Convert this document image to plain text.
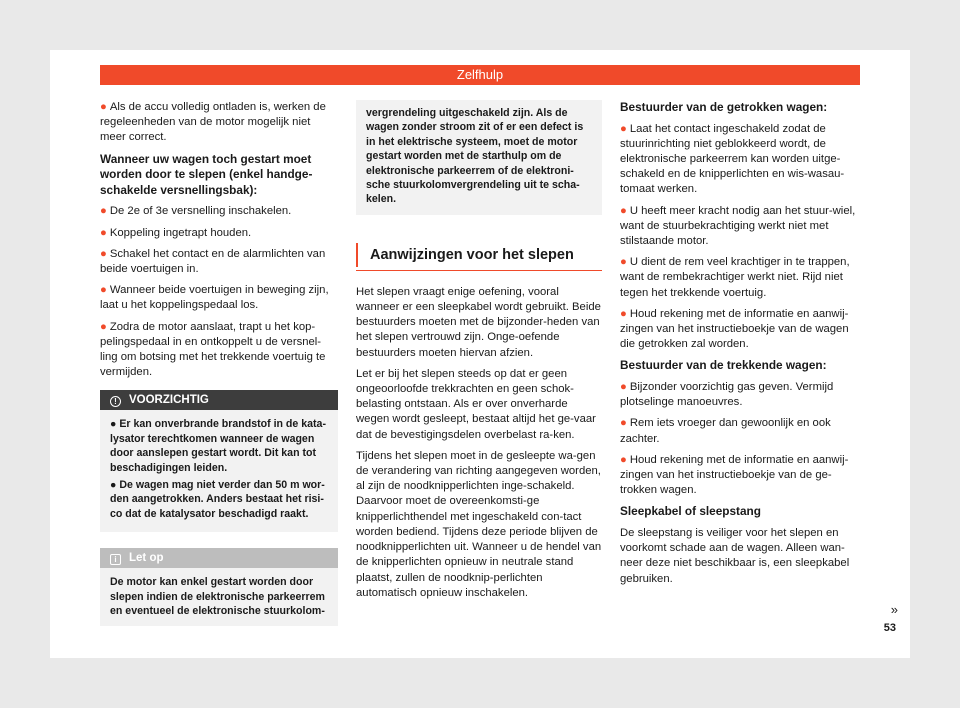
Zelfhulp

● Als de accu volledig ontladen is, werken de regeleenheden van de motor mogelijk niet meer correct.

Wanneer uw wagen toch gestart moet worden door te slepen (enkel handge-schakelde versnellingsbak):

● De 2e of 3e versnelling inschakelen.

● Koppeling ingetrapt houden.

● Schakel het contact en de alarmlichten van beide voertuigen in.

● Wanneer beide voertuigen in beweging zijn, laat u het koppelingspedaal los.

● Zodra de motor aanslaat, trapt u het kop-pelingspedaal in en ontkoppelt u de versnel-ling om botsing met het trekkende voertuig te vermijden.

! VOORZICHTIG

● Er kan onverbrande brandstof in de kata-lysator terechtkomen wanneer de wagen door aanslepen gestart wordt. Dit kan tot beschadigingen leiden.

● De wagen mag niet verder dan 50 m wor-den aangetrokken. Anders bestaat het risi-co dat de katalysator beschadigd raakt.

i Let op
De motor kan enkel gestart worden door slepen indien de elektronische parkeerrem en eventueel de elektronische stuurkolom-
vergrendeling uitgeschakeld zijn. Als de wagen zonder stroom zit of er een defect is in het elektrische systeem, moet de motor gestart worden met de starthulp om de elektronische parkeerrem of de elektroni-sche stuurkolomvergrendeling uit te scha-kelen.
Aanwijzingen voor het slepen

Het slepen vraagt enige oefening, vooral wanneer er een sleepkabel wordt gebruikt. Beide bestuurders moeten met de bijzonder-heden van het slepen vertrouwd zijn. Onge-oefende bestuurders moeten hiervan afzien.

Let er bij het slepen steeds op dat er geen ongeoorloofde trekkrachten en geen schok-belasting ontstaan. Als er over onverharde wegen wordt gesleept, bestaat altijd het ge-vaar dat de bevestigingsdelen overbelast ra-ken.

Tijdens het slepen moet in de gesleepte wa-gen de verandering van richting aangegeven worden, al zijn de noodknipperlichten inge-schakeld. Daarvoor moet de overeenkomsti-ge knipperlichthendel met ingeschakeld con-tact worden bediend. Tijdens deze periode blijven de noodknipperlichten uit. Wanneer u de hendel van de knipperlichten opnieuw in neutrale stand plaatst, zullen de noodknip-perlichten automatisch opnieuw inschakelen.

Bestuurder van de getrokken wagen:

● Laat het contact ingeschakeld zodat de stuurinrichting niet geblokkeerd wordt, de elektronische parkeerrem kan worden uitge-schakeld en de knipperlichten en wis-wasau-tomaat werken.

● U heeft meer kracht nodig aan het stuur-wiel, want de stuurbekrachtiging werkt niet met stilstaande motor.

● U dient de rem veel krachtiger in te trappen, want de rembekrachtiger werkt niet. Rijd niet tegen het trekkende voertuig.

● Houd rekening met de informatie en aanwij-zingen van het instructieboekje van de wagen die getrokken zal worden.

Bestuurder van de trekkende wagen:

● Bijzonder voorzichtig gas geven. Vermijd plotselinge manoeuvres.

● Rem iets vroeger dan gewoonlijk en ook zachter.

● Houd rekening met de informatie en aanwij-zingen van het instructieboekje van de ge-trokken wagen.

Sleepkabel of sleepstang

De sleepstang is veiliger voor het slepen en voorkomt schade aan de wagen. Alleen wan-neer deze niet beschikbaar is, een sleepkabel gebruiken.

»
53
